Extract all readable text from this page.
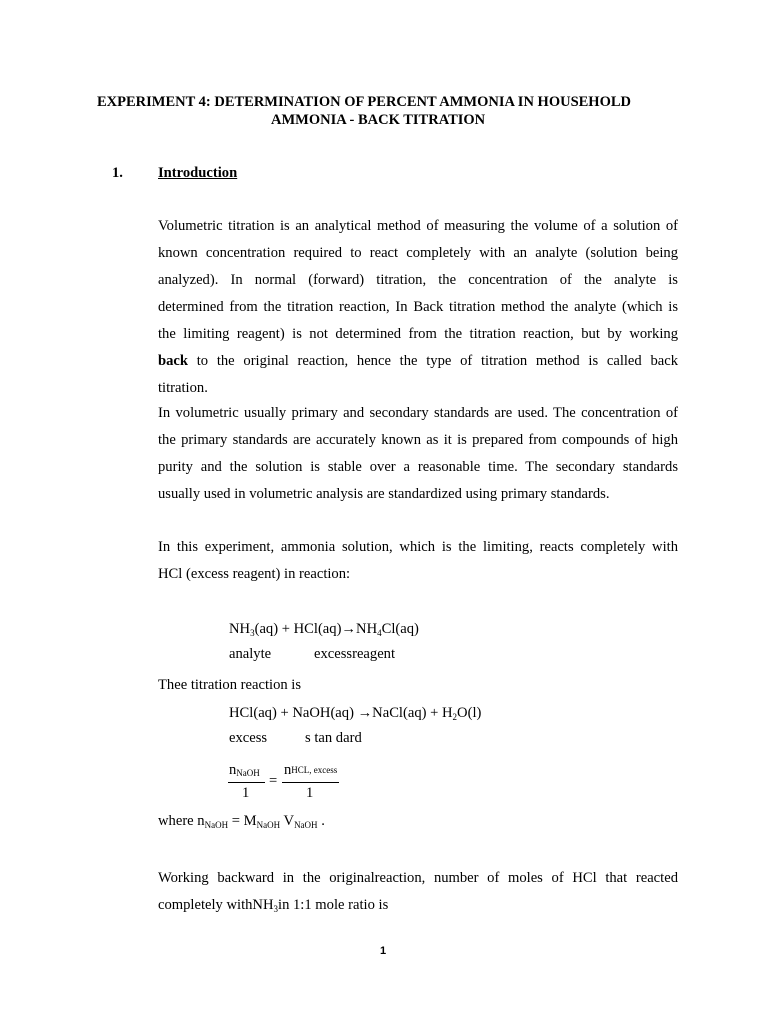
EXPERIMENT 4: DETERMINATION OF PERCENT AMMONIA IN HOUSEHOLD
AMMONIA - BACK TITRATION
1. Introduction
Volumetric titration is an analytical method of measuring the volume of a solution of
known concentration required to react completely with an analyte (solution being
analyzed). In normal (forward) titration, the concentration of the analyte is
determined from the titration reaction, In Back titration method the analyte (which is
the limiting reagent) is not determined from the titration reaction, but by working
back to the original reaction, hence the type of titration method is called back
titration.
In volumetric usually primary and secondary standards are used. The concentration of
the primary standards are accurately known as it is prepared from compounds of high
purity and the solution is stable over a reasonable time. The secondary standards
usually used in volumetric analysis are standardized using primary standards.
In this experiment, ammonia solution, which is the limiting, reacts completely with
HCl (excess reagent) in reaction:
$NH_3(aq) + HCl(aq)\to NH_4Cl(aq)$
analyte	excessreagent
Thee titration reaction is
HCl(aq) + NaOH(aq) →NaCl(aq) + $H_2O(l)$
excess	s tan dard
nNaOH
1
=
nHCL, excess
1
where $n_{NaOH} = M_{NaOH}$ $V_{NaOH}$ .
Working backward in the originalreaction, number of moles of HCl that reacted
completely withNH$_3$in 1:1 mole ratio is
1
